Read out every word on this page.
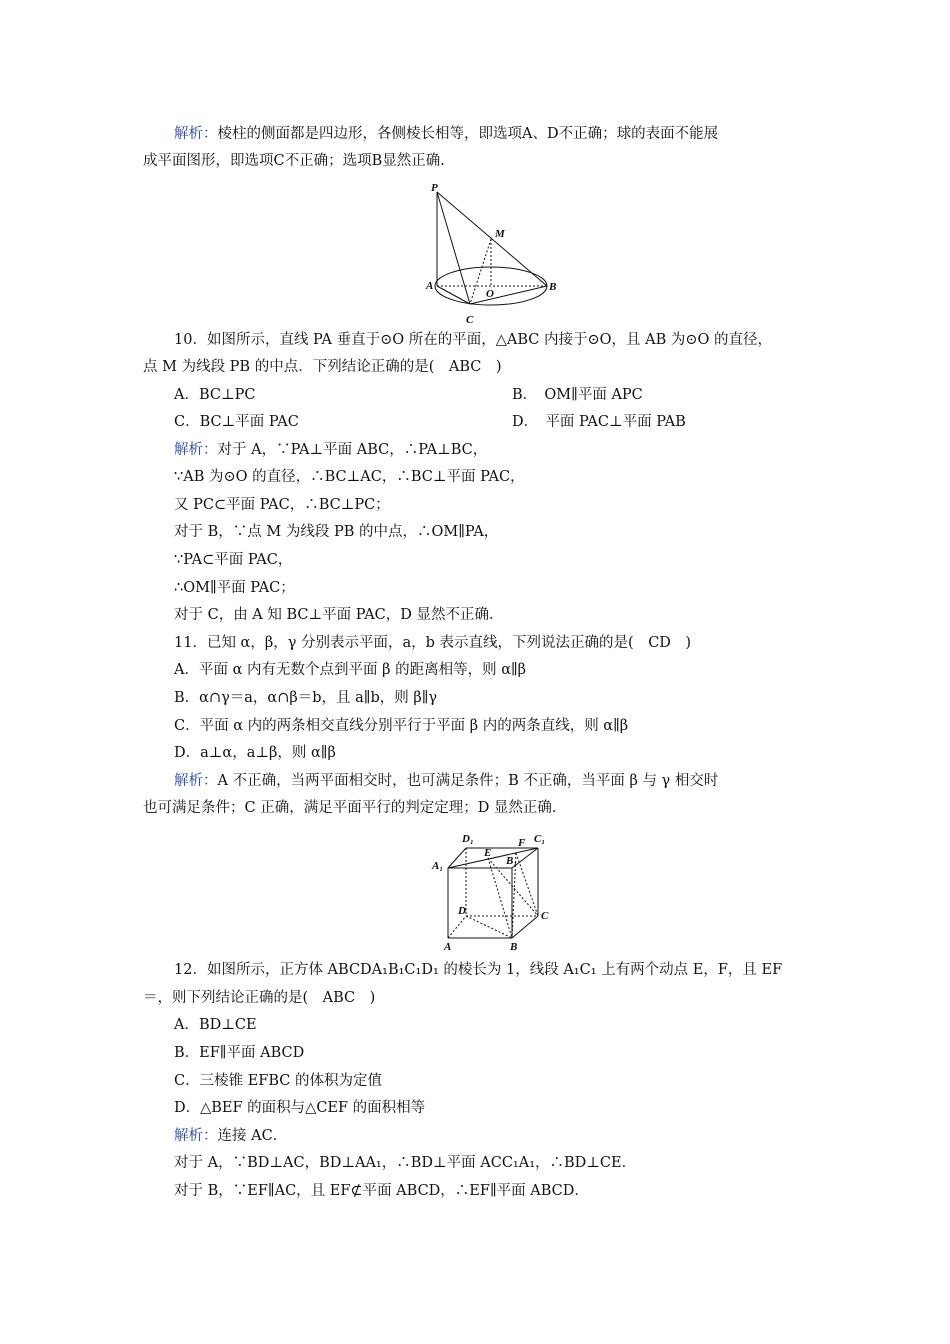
解析：棱柱的侧面都是四边形，各侧棱长相等，即选项A、D不正确；球的表面不能展
成平面图形，即选项C不正确；选项B显然正确.
P
M
A
O
B
C
10．如图所示，直线 PA 垂直于⊙O 所在的平面，△ABC 内接于⊙O，且 AB 为⊙O 的直径，
点 M 为线段 PB 的中点．下列结论正确的是(　ABC　)
A．BC⊥PC	B．　OM∥平面 APC
C．BC⊥平面 PAC	D．　平面 PAC⊥平面 PAB
解析：对于 A，∵PA⊥平面 ABC，∴PA⊥BC，
∵AB 为⊙O 的直径，∴BC⊥AC，∴BC⊥平面 PAC，
又 PC⊂平面 PAC，∴BC⊥PC；
对于 B，∵点 M 为线段 PB 的中点，∴OM∥PA，
∵PA⊂平面 PAC，
∴OM∥平面 PAC；
对于 C，由 A 知 BC⊥平面 PAC，D 显然不正确．
11．已知 α，β，γ 分别表示平面，a，b 表示直线，下列说法正确的是(　CD　)
A．平面 α 内有无数个点到平面 β 的距离相等，则 α∥β
B．α∩γ＝a，α∩β＝b，且 a∥b，则 β∥γ
C．平面 α 内的两条相交直线分别平行于平面 β 内的两条直线，则 α∥β
D．a⊥α，a⊥β，则 α∥β
解析：A 不正确，当两平面相交时，也可满足条件；B 不正确，当平面 β 与 γ 相交时
也可满足条件；C 正确，满足平面平行的判定定理；D 显然正确．
D₁	F C₁
A₁
E
B₁
D	C
A	B
12．如图所示，正方体 ABCDA₁B₁C₁D₁ 的棱长为 1，线段 A₁C₁ 上有两个动点 E，F，且 EF
＝，则下列结论正确的是(　ABC　)
A．BD⊥CE
B．EF∥平面 ABCD
C．三棱锥 EFBC 的体积为定值
D．△BEF 的面积与△CEF 的面积相等
解析：连接 AC．
对于 A，∵BD⊥AC，BD⊥AA₁，∴BD⊥平面 ACC₁A₁，∴BD⊥CE．
对于 B，∵EF∥AC，且 EF⊄平面 ABCD，∴EF∥平面 ABCD．
